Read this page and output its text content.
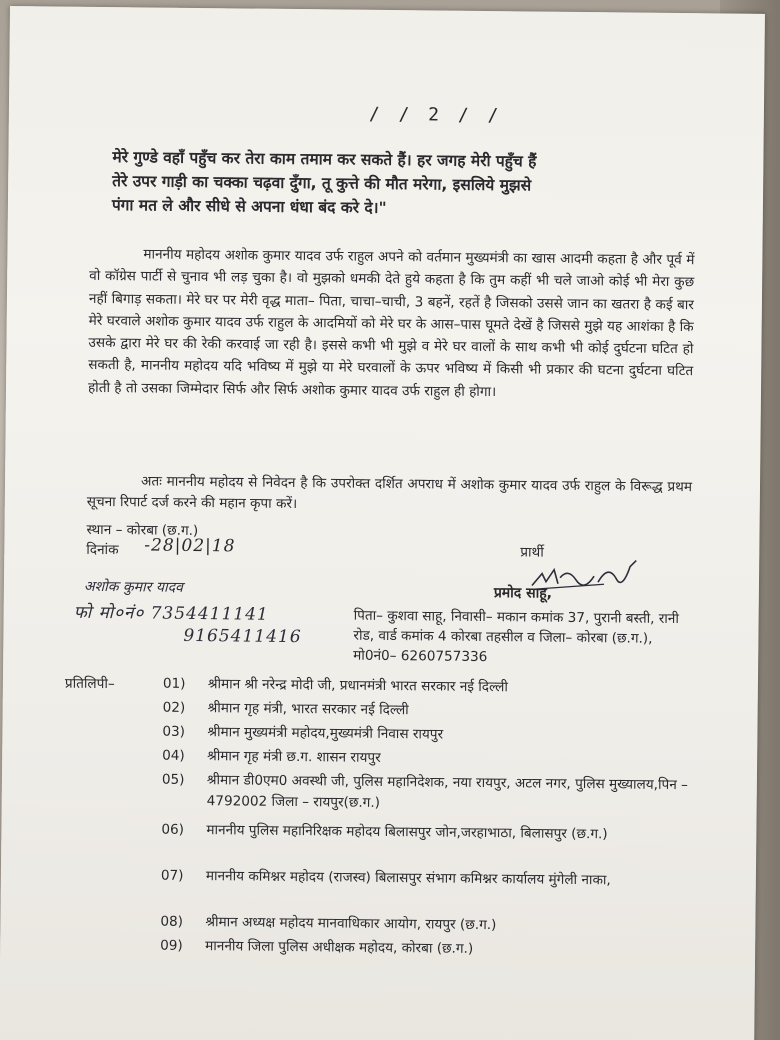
/ / 2 / /
मेरे गुण्डे वहाँ पहुँच कर तेरा काम तमाम कर सकते हैं। हर जगह मेरी पहुँच हैं
तेरे उपर गाड़ी का चक्का चढ़वा दुँगा, तू कुत्ते की मौत मरेगा, इसलिये मुझसे
पंगा मत ले और सीधे से अपना धंधा बंद करे दे।"
माननीय महोदय अशोक कुमार यादव उर्फ राहुल अपने को वर्तमान मुख्यमंत्री का खास आदमी कहता है और पूर्व में वो कॉग्रेस पार्टी से चुनाव भी लड़ चुका है। वो मुझको धमकी देते हुये कहता है कि तुम कहीं भी चले जाओ कोई भी मेरा कुछ नहीं बिगाड़ सकता। मेरे घर पर मेरी वृद्ध माता– पिता, चाचा–चाची, 3 बहनें, रहतें है जिसको उससे जान का खतरा है कई बार मेरे घरवाले अशोक कुमार यादव उर्फ राहुल के आदमियों को मेरे घर के आस–पास घूमते देखें है जिससे मुझे यह आशंका है कि उसके द्वारा मेरे घर की रेकी करवाई जा रही है। इससे कभी भी मुझे व मेरे घर वालों के साथ कभी भी कोई दुर्घटना घटित हो सकती है, माननीय महोदय यदि भविष्य में मुझे या मेरे घरवालों के ऊपर भविष्य में किसी भी प्रकार की घटना दुर्घटना घटित होती है तो उसका जिम्मेदार सिर्फ और सिर्फ अशोक कुमार यादव उर्फ राहुल ही होगा।
अतः माननीय महोदय से निवेदन है कि उपरोक्त दर्शित अपराध में अशोक कुमार यादव उर्फ राहुल के विरूद्ध प्रथम सूचना रिपार्ट दर्ज करने की महान कृपा करें।
स्थान – कोरबा (छ.ग.)
दिनांक -28|02|18
अशोक कुमार यादव
फो मो०नं० 7354411141
9165411416
प्रार्थी
प्रमोद साहू,
पिता– कुशवा साहू, निवासी– मकान कमांक 37, पुरानी बस्ती, रानी रोड, वार्ड कमांक 4 कोरबा तहसील व जिला– कोरबा (छ.ग.), मो0नं0– 6260757336
प्रतिलिपी–	01) श्रीमान श्री नरेन्द्र मोदी जी, प्रधानमंत्री भारत सरकार नई दिल्ली
02) श्रीमान गृह मंत्री, भारत सरकार नई दिल्ली
03) श्रीमान मुख्यमंत्री महोदय,मुख्यमंत्री निवास रायपुर
04) श्रीमान गृह मंत्री छ.ग. शासन रायपुर
05) श्रीमान डी0एम0 अवस्थी जी, पुलिस महानिदेशक, नया रायपुर, अटल नगर, पुलिस मुख्यालय,पिन – 4792002 जिला – रायपुर(छ.ग.)
06) माननीय पुलिस महानिरिक्षक महोदय बिलासपुर जोन,जरहाभाठा, बिलासपुर (छ.ग.)
07) माननीय कमिश्नर महोदय (राजस्व) बिलासपुर संभाग कमिश्नर कार्यालय मुंगेली नाका,
08) श्रीमान अध्यक्ष महोदय मानवाधिकार आयोग, रायपुर (छ.ग.)
09) माननीय जिला पुलिस अधीक्षक महोदय, कोरबा (छ.ग.)
